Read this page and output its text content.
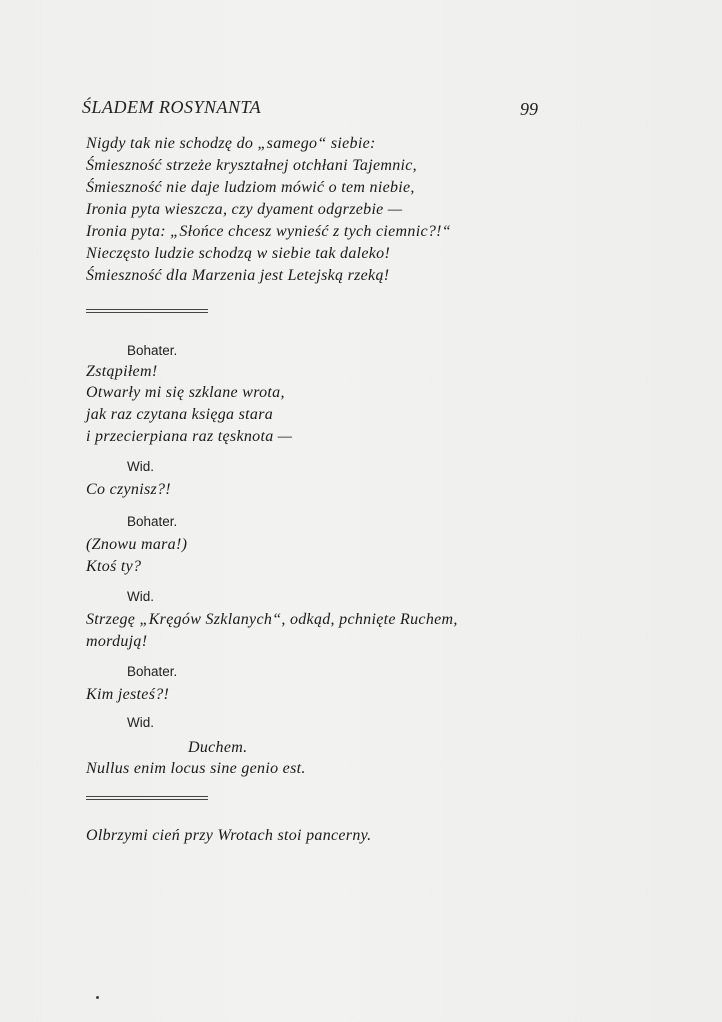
ŚLADEM ROSYNANTA	99
Nigdy tak nie schodzę do „samego“ siebie:
Śmieszność strzeże kryształnej otchłani Tajemnic,
Śmieszność nie daje ludziom mówić o tem niebie,
Ironia pyta wieszcza, czy dyament odgrzebie —
Ironia pyta: „Słońce chcesz wynieść z tych ciemnic?!“
Nieczęsto ludzie schodzą w siebie tak daleko!
Śmieszność dla Marzenia jest Letejską rzeką!
Bohater.
Zstąpiłem!
Otwarły mi się szklane wrota,
jak raz czytana księga stara
i przecierpiana raz tęsknota —
Wid.
Co czynisz?!
Bohater.
(Znowu mara!)
Ktoś ty?
Wid.
Strzegę „Kręgów Szklanych“, odkąd, pchnięte Ruchem,
mordują!
Bohater.
Kim jesteś?!
Wid.
Duchem.
Nullus enim locus sine genio est.
Olbrzymi cień przy Wrotach stoi pancerny.
